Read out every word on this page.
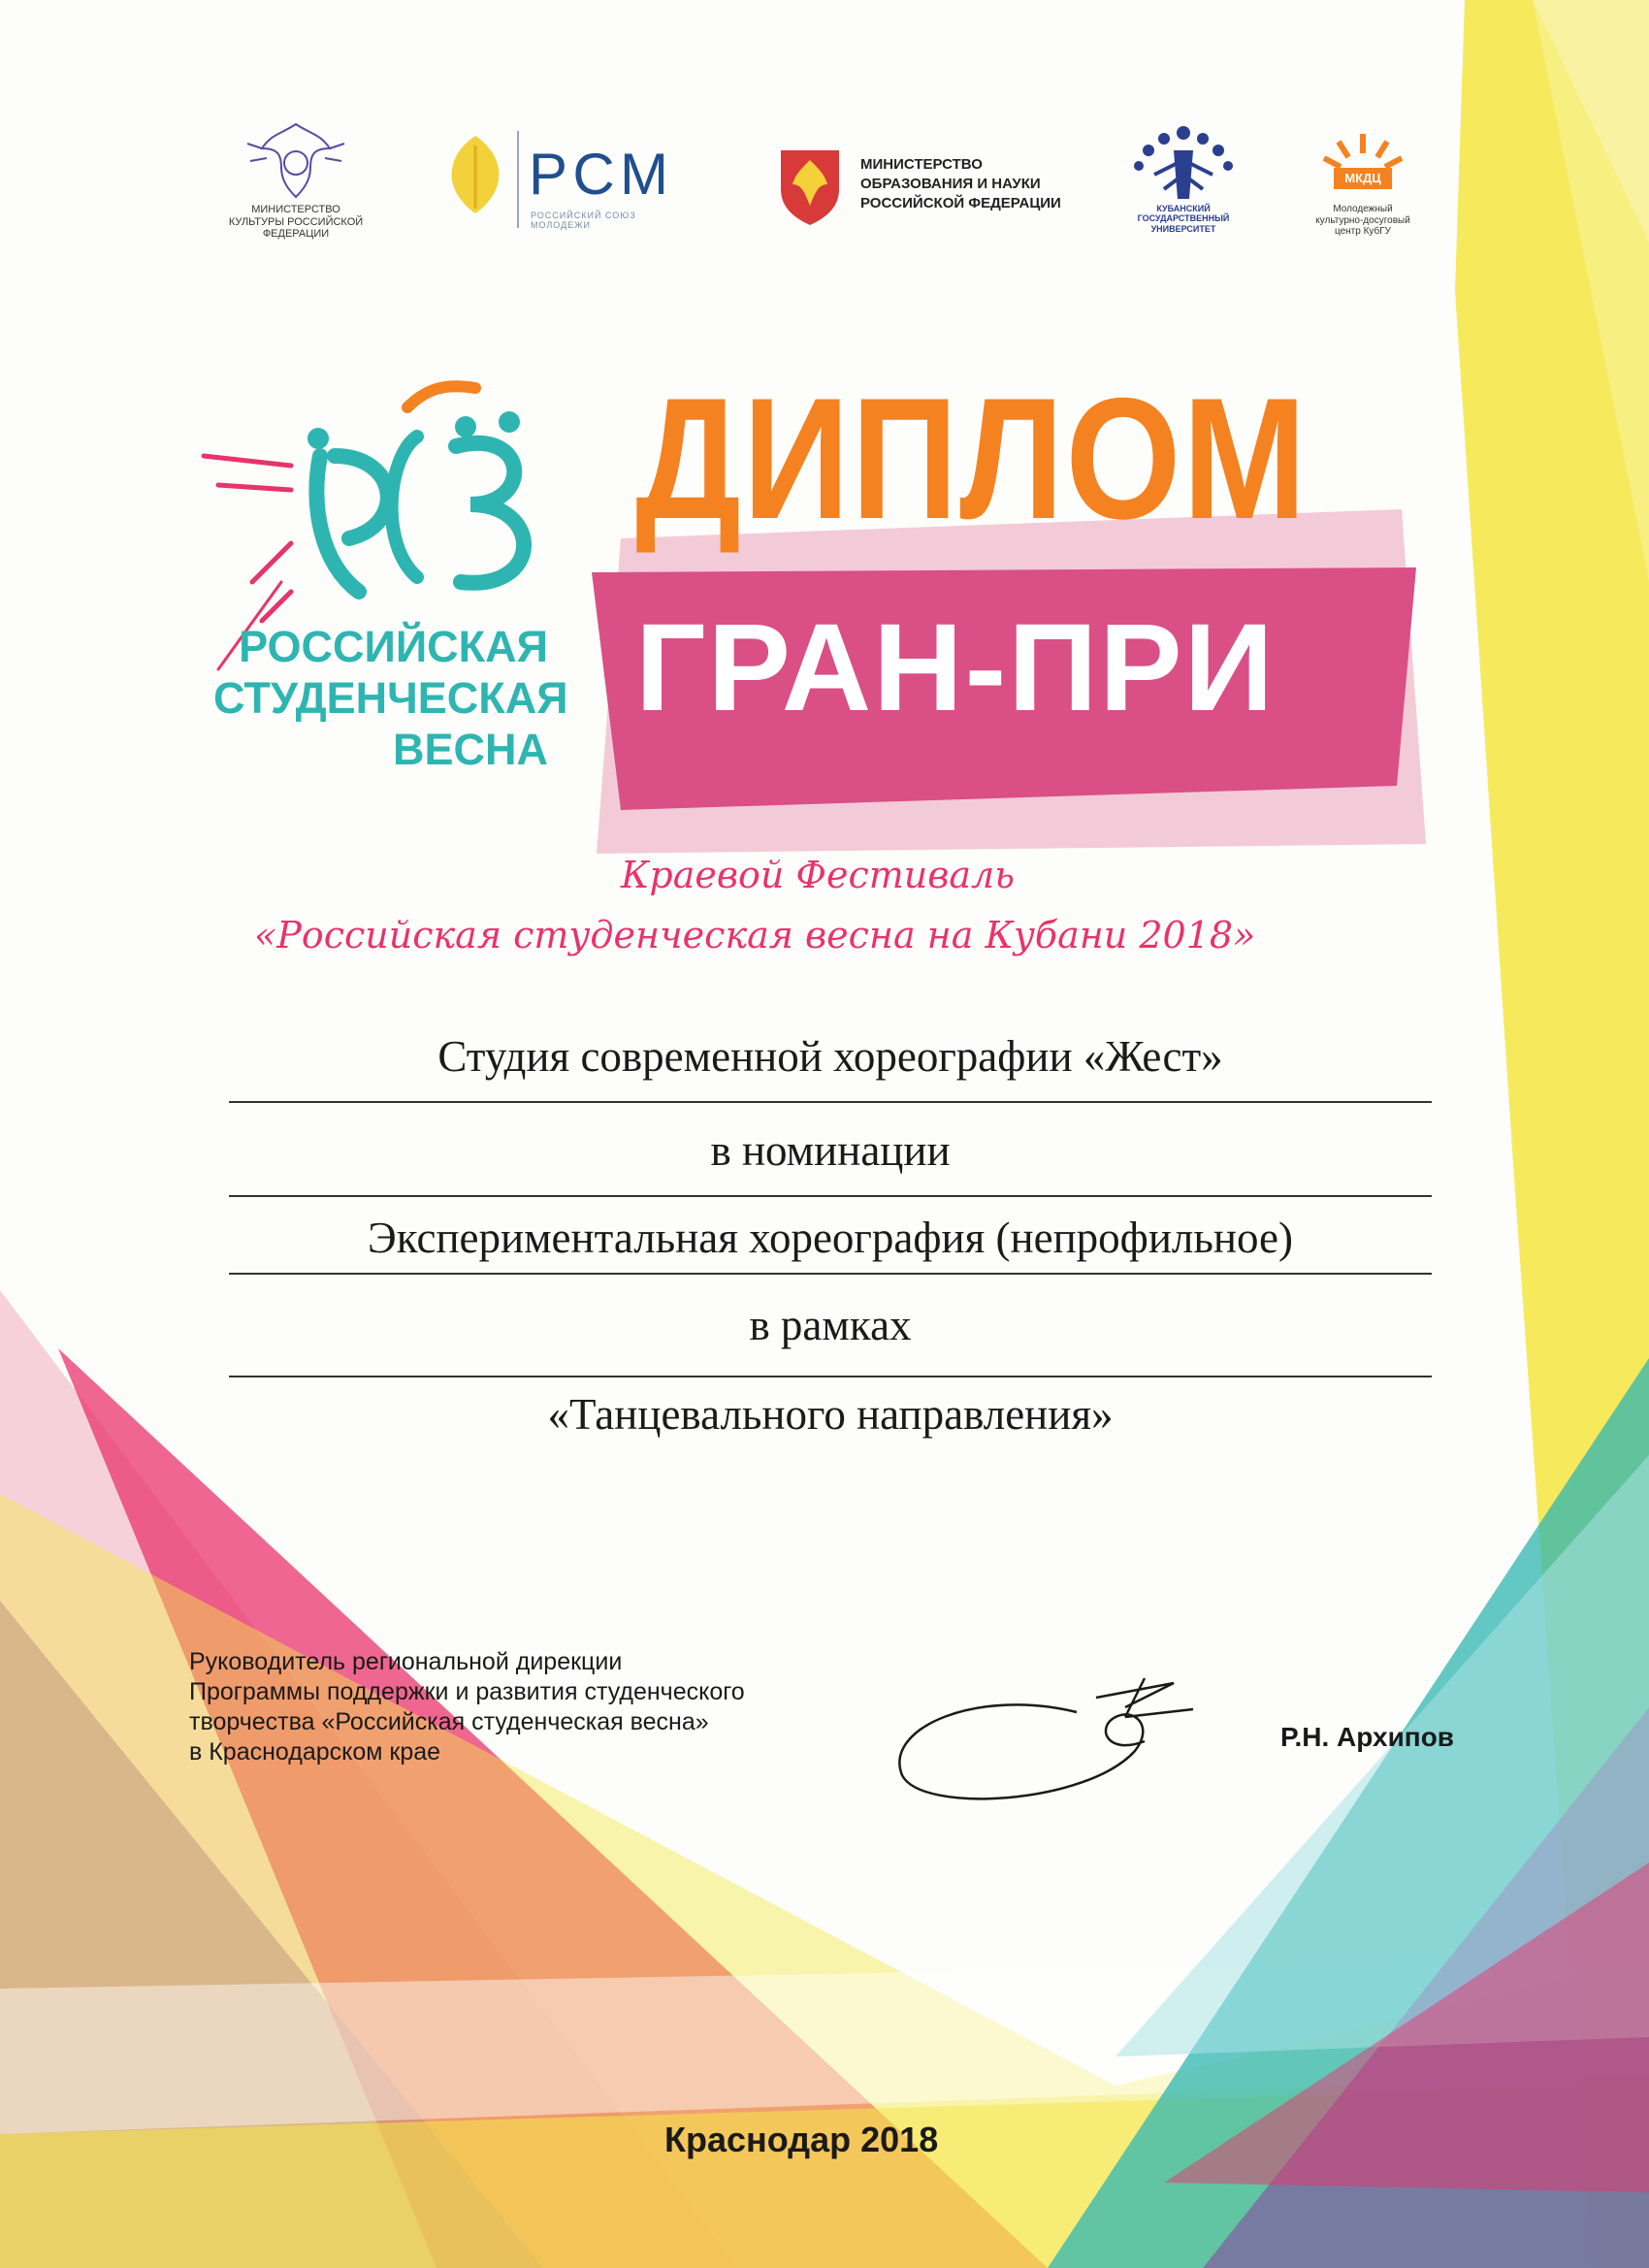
МИНИСТЕРСТВО КУЛЬТУРЫ РОССИЙСКОЙ ФЕДЕРАЦИИ
РСМ
РОССИЙСКИЙ СОЮЗ МОЛОДЕЖИ
МИНИСТЕРСТВО
ОБРАЗОВАНИЯ И НАУКИ
РОССИЙСКОЙ ФЕДЕРАЦИИ	КУБАНСКИЙ
ГОСУДАРСТВЕННЫЙ
УНИВЕРСИТЕТ
МКДЦ
Молодежный
культурно-досуговый
центр КубГУ
РОССИЙСКАЯ
СТУДЕНЧЕСКАЯ
ВЕСНА
ДИПЛОМ
ГРАН-ПРИ
Краевой Фестиваль
«Российская студенческая весна на Кубани 2018»
Студия современной хореографии «Жест»
в номинации
Экспериментальная хореография (непрофильное)
в рамках
«Танцевального направления»
Руководитель региональной дирекции
Программы поддержки и развития студенческого
творчества «Российская студенческая весна»
в Краснодарском крае	Р.Н. Архипов
Краснодар 2018
